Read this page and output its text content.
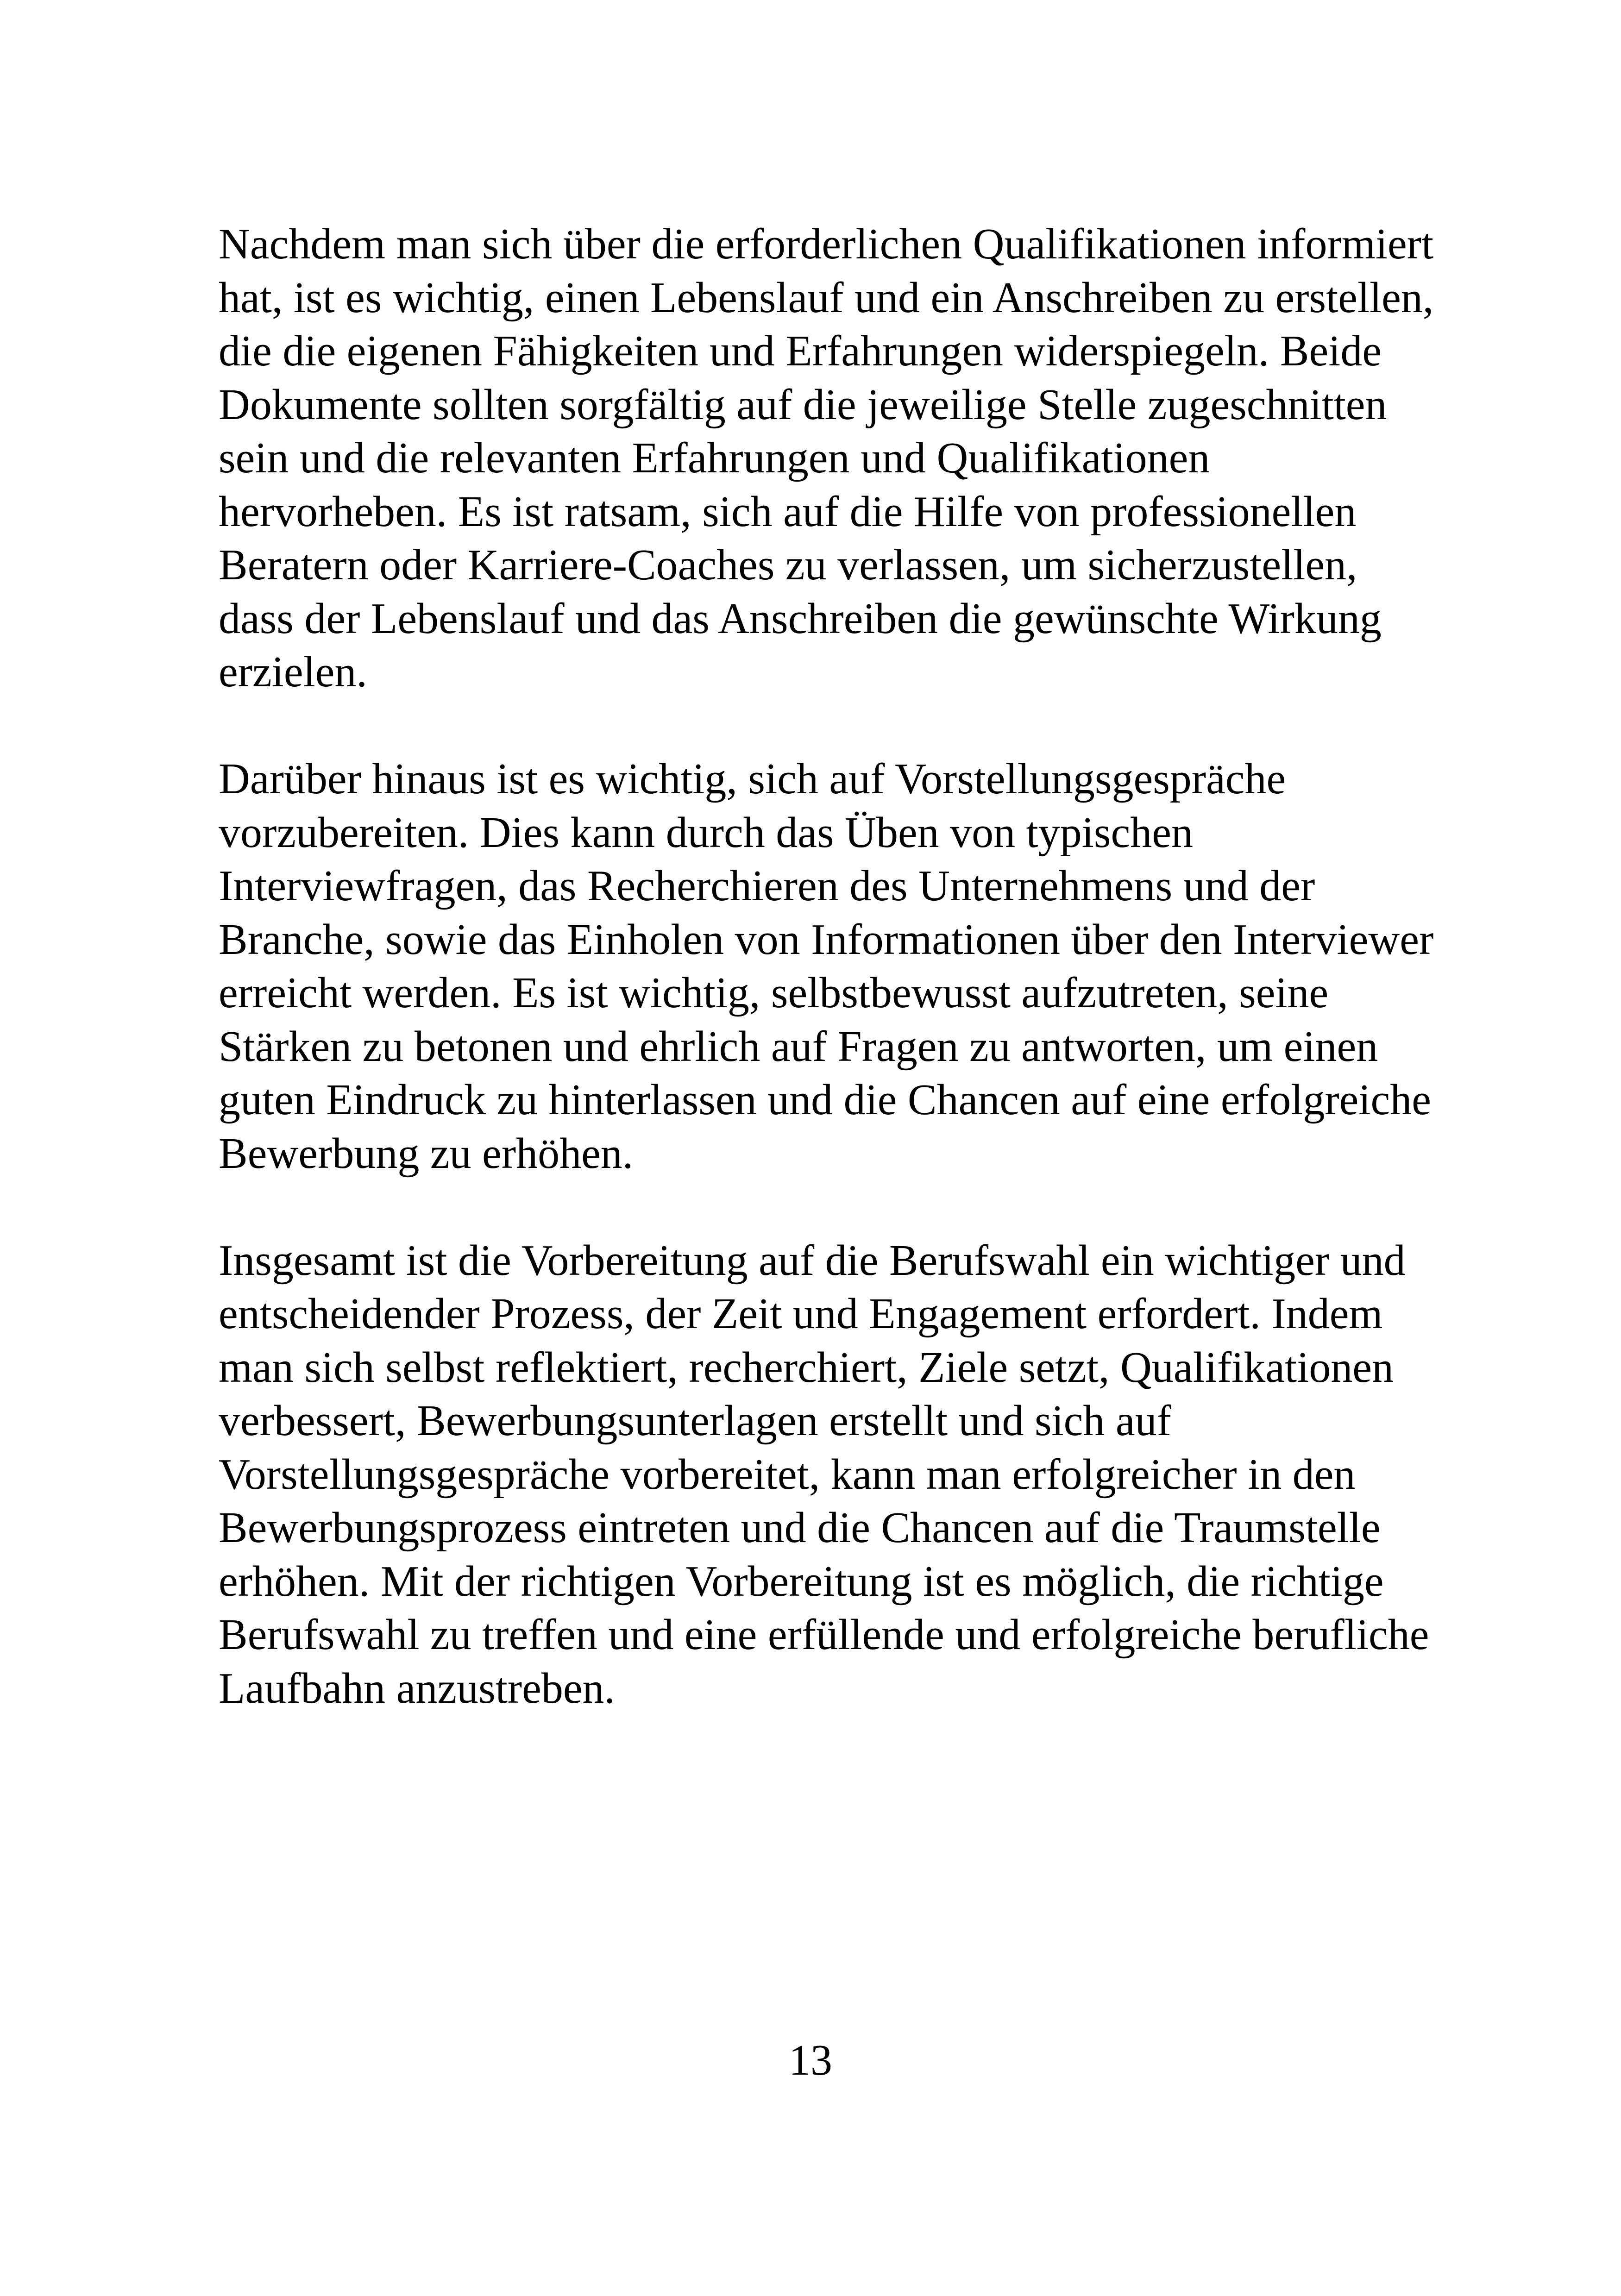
Nachdem man sich über die erforderlichen Qualifikationen informiert hat, ist es wichtig, einen Lebenslauf und ein Anschreiben zu erstellen, die die eigenen Fähigkeiten und Erfahrungen widerspiegeln. Beide Dokumente sollten sorgfältig auf die jeweilige Stelle zugeschnitten sein und die relevanten Erfahrungen und Qualifikationen hervorheben. Es ist ratsam, sich auf die Hilfe von professionellen Beratern oder Karriere-Coaches zu verlassen, um sicherzustellen, dass der Lebenslauf und das Anschreiben die gewünschte Wirkung erzielen.

Darüber hinaus ist es wichtig, sich auf Vorstellungsgespräche vorzubereiten. Dies kann durch das Üben von typischen Interviewfragen, das Recherchieren des Unternehmens und der Branche, sowie das Einholen von Informationen über den Interviewer erreicht werden. Es ist wichtig, selbstbewusst aufzutreten, seine Stärken zu betonen und ehrlich auf Fragen zu antworten, um einen guten Eindruck zu hinterlassen und die Chancen auf eine erfolgreiche Bewerbung zu erhöhen.

Insgesamt ist die Vorbereitung auf die Berufswahl ein wichtiger und entscheidender Prozess, der Zeit und Engagement erfordert. Indem man sich selbst reflektiert, recherchiert, Ziele setzt, Qualifikationen verbessert, Bewerbungsunterlagen erstellt und sich auf Vorstellungsgespräche vorbereitet, kann man erfolgreicher in den Bewerbungsprozess eintreten und die Chancen auf die Traumstelle erhöhen. Mit der richtigen Vorbereitung ist es möglich, die richtige Berufswahl zu treffen und eine erfüllende und erfolgreiche berufliche Laufbahn anzustreben.

13
